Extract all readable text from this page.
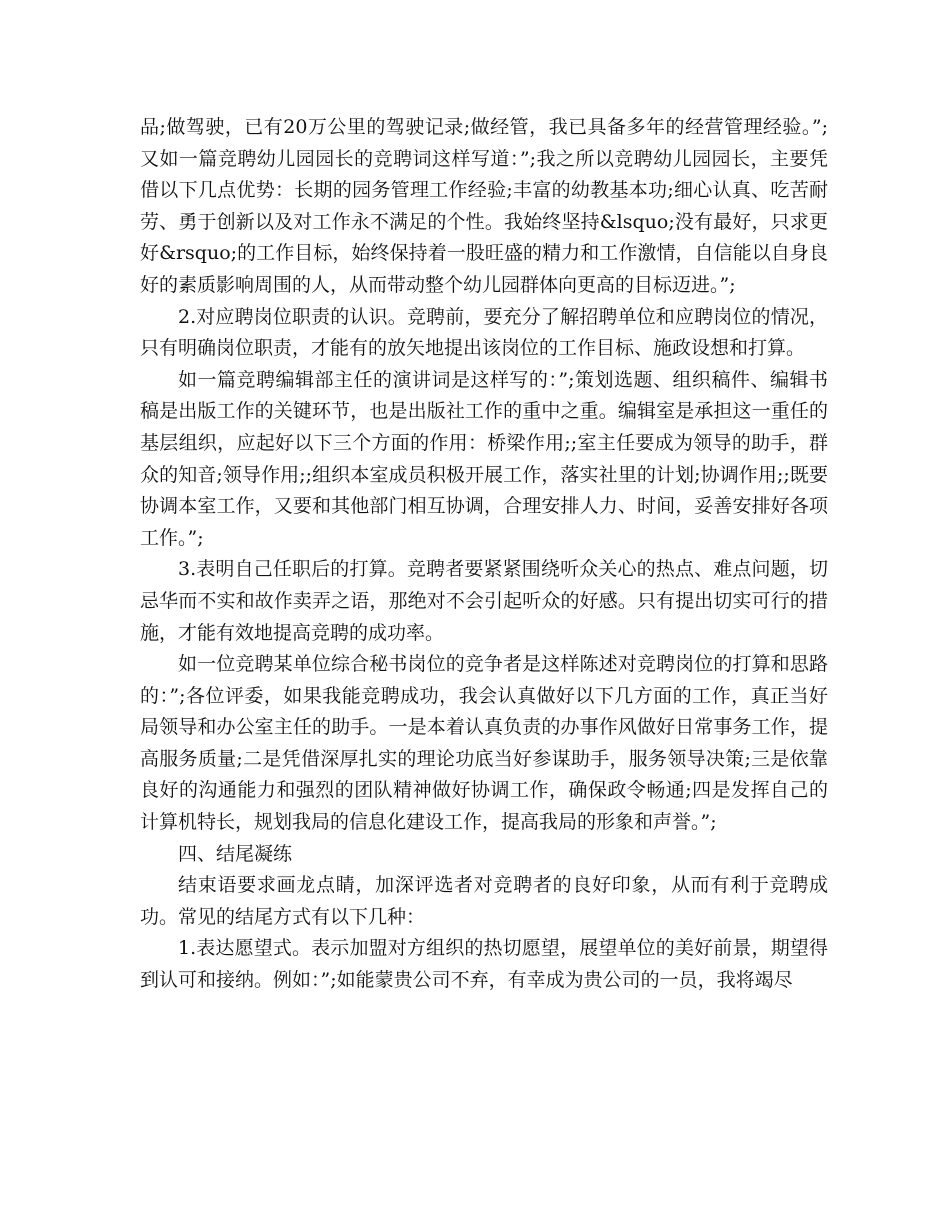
品;做驾驶，已有20万公里的驾驶记录;做经管，我已具备多年的经营管理经验。”;又如一篇竞聘幼儿园园长的竞聘词这样写道：”;我之所以竞聘幼儿园园长，主要凭借以下几点优势：长期的园务管理工作经验;丰富的幼教基本功;细心认真、吃苦耐劳、勇于创新以及对工作永不满足的个性。我始终坚持&lsquo;没有最好，只求更好&rsquo;的工作目标，始终保持着一股旺盛的精力和工作激情，自信能以自身良好的素质影响周围的人，从而带动整个幼儿园群体向更高的目标迈进。”;

2.对应聘岗位职责的认识。竞聘前，要充分了解招聘单位和应聘岗位的情况，只有明确岗位职责，才能有的放矢地提出该岗位的工作目标、施政设想和打算。

如一篇竞聘编辑部主任的演讲词是这样写的：”;策划选题、组织稿件、编辑书稿是出版工作的关键环节，也是出版社工作的重中之重。编辑室是承担这一重任的基层组织，应起好以下三个方面的作用：桥梁作用;;室主任要成为领导的助手，群众的知音;领导作用;;组织本室成员积极开展工作，落实社里的计划;协调作用;;既要协调本室工作，又要和其他部门相互协调，合理安排人力、时间，妥善安排好各项工作。”;

3.表明自己任职后的打算。竞聘者要紧紧围绕听众关心的热点、难点问题，切忌华而不实和故作卖弄之语，那绝对不会引起听众的好感。只有提出切实可行的措施，才能有效地提高竞聘的成功率。

如一位竞聘某单位综合秘书岗位的竞争者是这样陈述对竞聘岗位的打算和思路的：”;各位评委，如果我能竞聘成功，我会认真做好以下几方面的工作，真正当好局领导和办公室主任的助手。一是本着认真负责的办事作风做好日常事务工作，提高服务质量;二是凭借深厚扎实的理论功底当好参谋助手，服务领导决策;三是依靠良好的沟通能力和强烈的团队精神做好协调工作，确保政令畅通;四是发挥自己的计算机特长，规划我局的信息化建设工作，提高我局的形象和声誉。”;

四、结尾凝练

结束语要求画龙点睛，加深评选者对竞聘者的良好印象，从而有利于竞聘成功。常见的结尾方式有以下几种：

1.表达愿望式。表示加盟对方组织的热切愿望，展望单位的美好前景，期望得到认可和接纳。例如：”;如能蒙贵公司不弃，有幸成为贵公司的一员，我将竭尽
